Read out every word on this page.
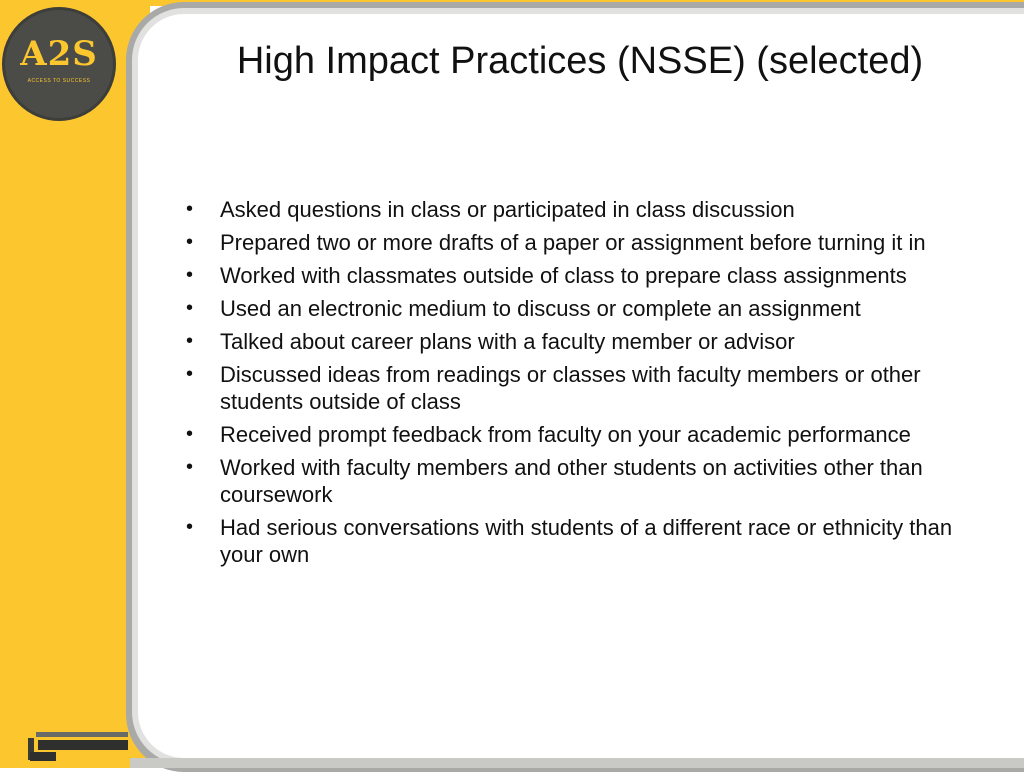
A2S
ACCESS TO SUCCESS	High Impact Practices (NSSE) (selected)
• Asked questions in class or participated in class discussion
• Prepared two or more drafts of a paper or assignment before turning it in
• Worked with classmates outside of class to prepare class assignments
• Used an electronic medium to discuss or complete an assignment
• Talked about career plans with a faculty member or advisor
• Discussed ideas from readings or classes with faculty members or other students outside of class
• Received prompt feedback from faculty on your academic performance
• Worked with faculty members and other students on activities other than coursework
• Had serious conversations with students of a different race or ethnicity than your own
